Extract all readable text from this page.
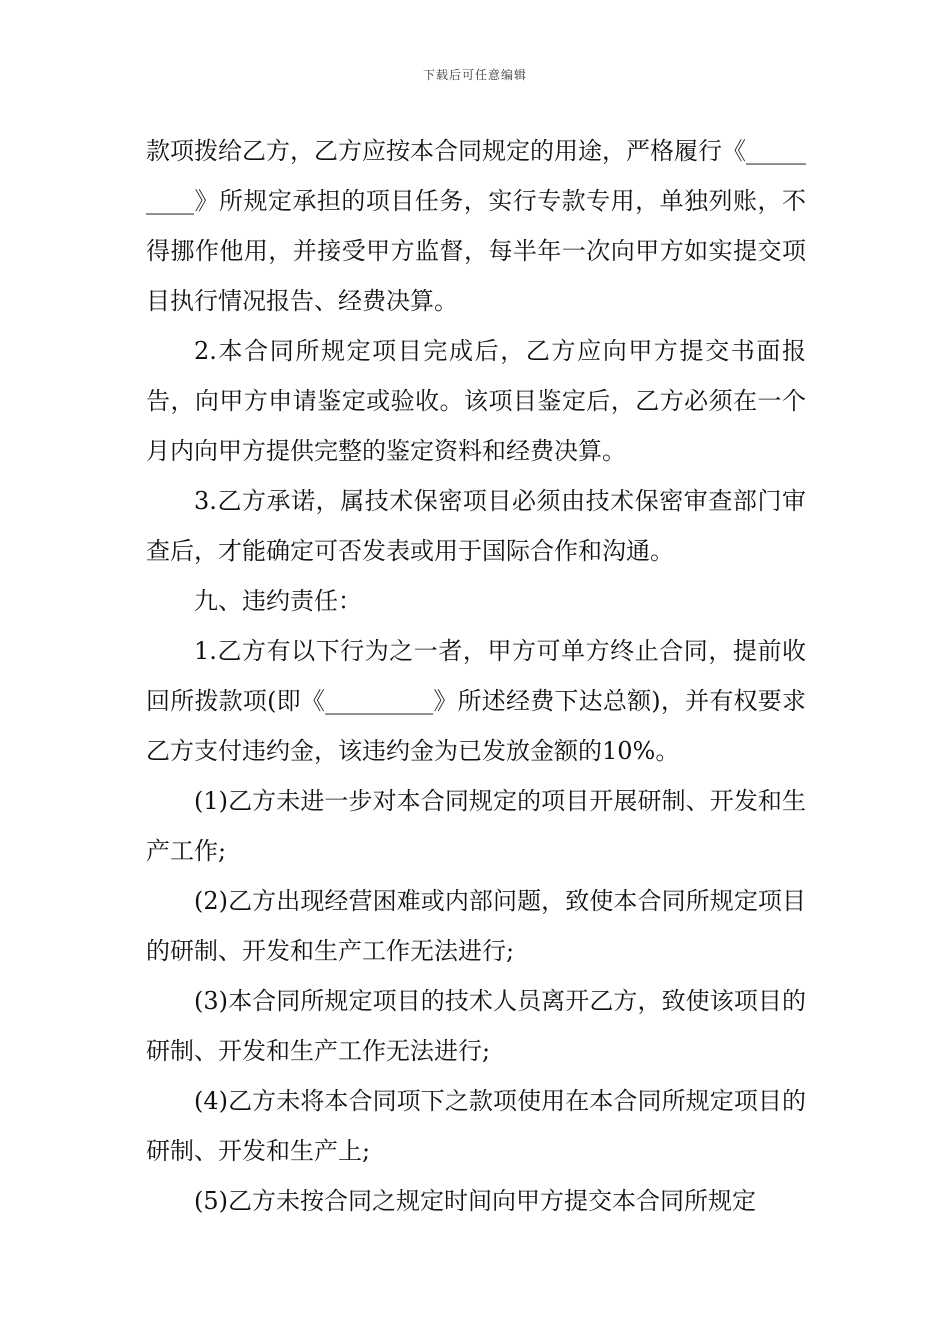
下载后可任意编辑

款项拨给乙方，乙方应按本合同规定的用途，严格履行《_________》所规定承担的项目任务，实行专款专用，单独列账，不得挪作他用，并接受甲方监督，每半年一次向甲方如实提交项目执行情况报告、经费决算。

2.本合同所规定项目完成后，乙方应向甲方提交书面报告，向甲方申请鉴定或验收。该项目鉴定后，乙方必须在一个月内向甲方提供完整的鉴定资料和经费决算。

3.乙方承诺，属技术保密项目必须由技术保密审查部门审查后，才能确定可否发表或用于国际合作和沟通。

九、违约责任：

1.乙方有以下行为之一者，甲方可单方终止合同，提前收回所拨款项(即《_________》所述经费下达总额)，并有权要求乙方支付违约金，该违约金为已发放金额的10%。

(1)乙方未进一步对本合同规定的项目开展研制、开发和生产工作;

(2)乙方出现经营困难或内部问题，致使本合同所规定项目的研制、开发和生产工作无法进行;

(3)本合同所规定项目的技术人员离开乙方，致使该项目的研制、开发和生产工作无法进行;

(4)乙方未将本合同项下之款项使用在本合同所规定项目的研制、开发和生产上;

(5)乙方未按合同之规定时间向甲方提交本合同所规定
